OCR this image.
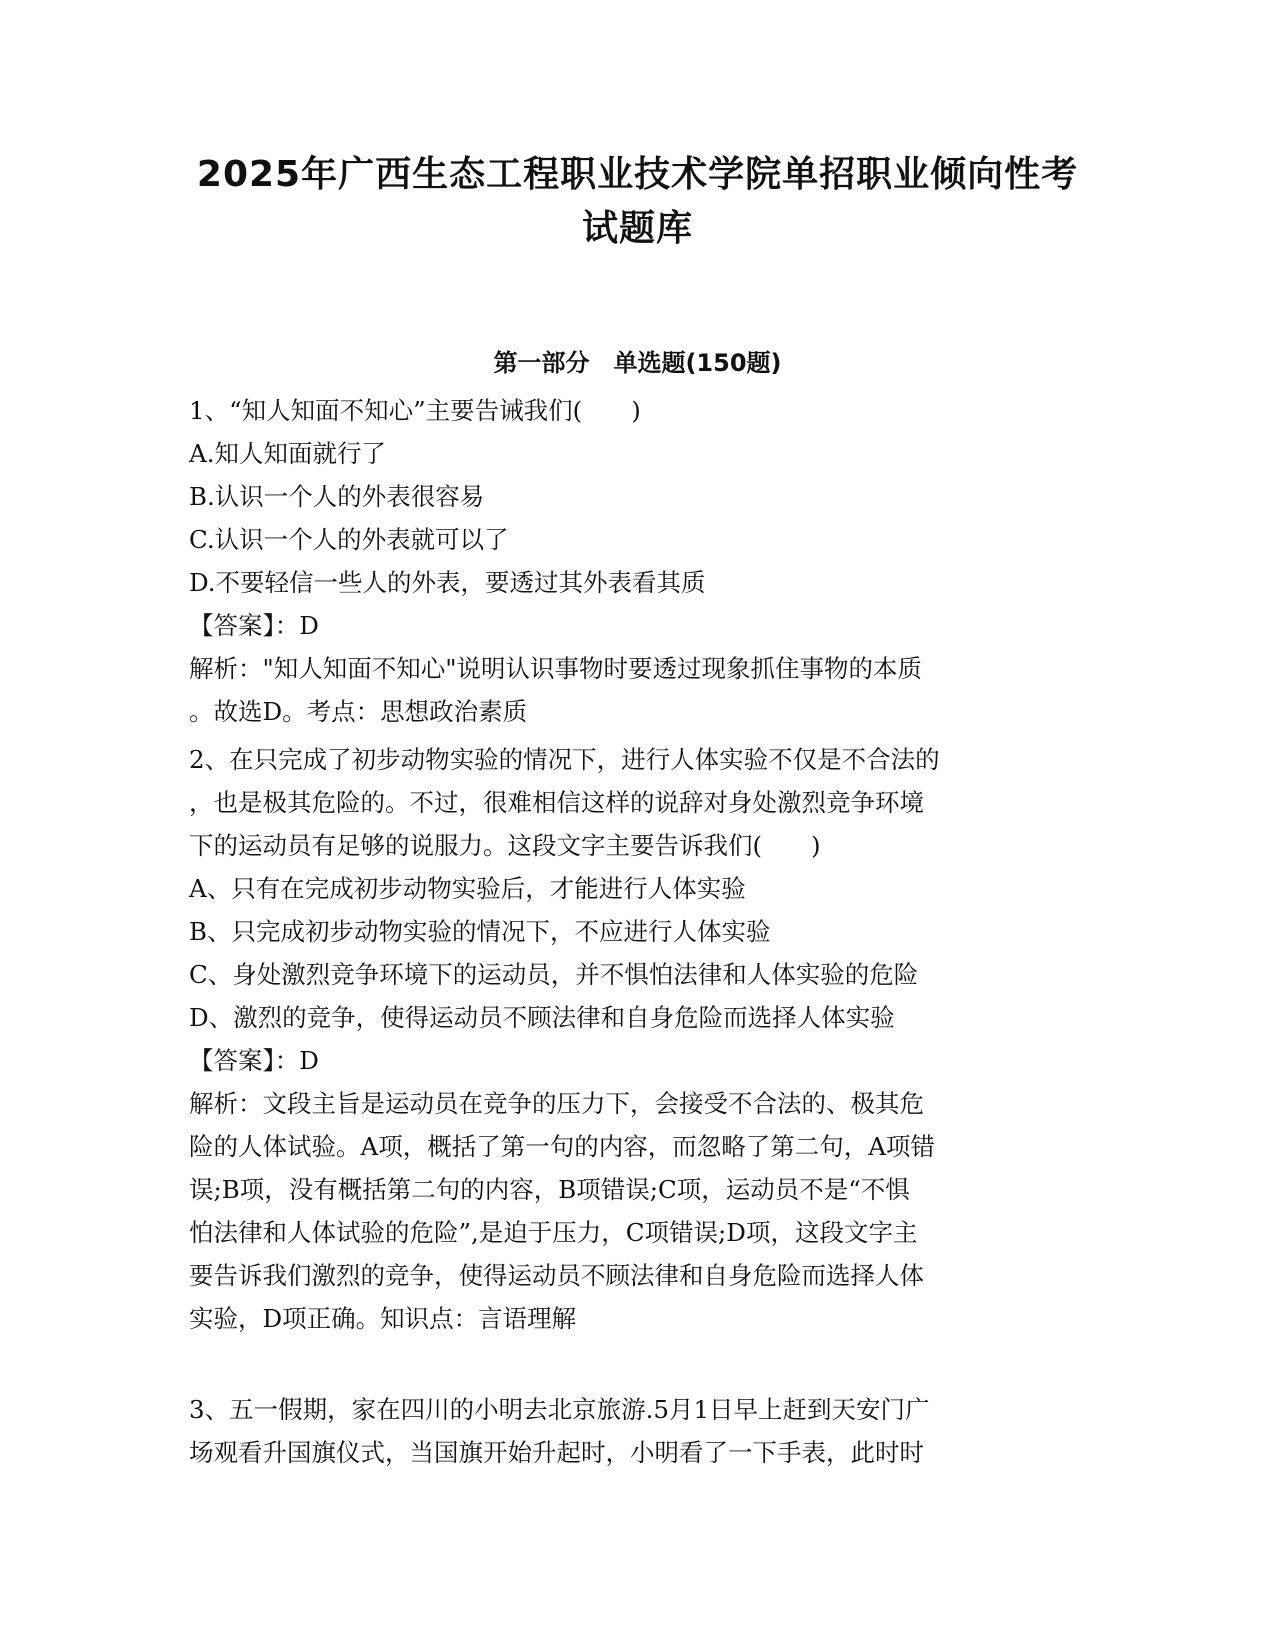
2025年广西生态工程职业技术学院单招职业倾向性考
试题库
第一部分　单选题(150题)
1、“知人知面不知心”主要告诫我们(　　)
A.知人知面就行了
B.认识一个人的外表很容易
C.认识一个人的外表就可以了
D.不要轻信一些人的外表，要透过其外表看其质
【答案】：D
解析："知人知面不知心"说明认识事物时要透过现象抓住事物的本质
。故选D。考点：思想政治素质
2、在只完成了初步动物实验的情况下，进行人体实验不仅是不合法的
，也是极其危险的。不过，很难相信这样的说辞对身处激烈竞争环境
下的运动员有足够的说服力。这段文字主要告诉我们(　　)
A、只有在完成初步动物实验后，才能进行人体实验
B、只完成初步动物实验的情况下，不应进行人体实验
C、身处激烈竞争环境下的运动员，并不惧怕法律和人体实验的危险
D、激烈的竞争，使得运动员不顾法律和自身危险而选择人体实验
【答案】：D
解析：文段主旨是运动员在竞争的压力下，会接受不合法的、极其危
险的人体试验。A项，概括了第一句的内容，而忽略了第二句，A项错
误;B项，没有概括第二句的内容，B项错误;C项，运动员不是“不惧
怕法律和人体试验的危险”,是迫于压力，C项错误;D项，这段文字主
要告诉我们激烈的竞争，使得运动员不顾法律和自身危险而选择人体
实验，D项正确。知识点：言语理解
3、五一假期，家在四川的小明去北京旅游.5月1日早上赶到天安门广
场观看升国旗仪式，当国旗开始升起时，小明看了一下手表，此时时
